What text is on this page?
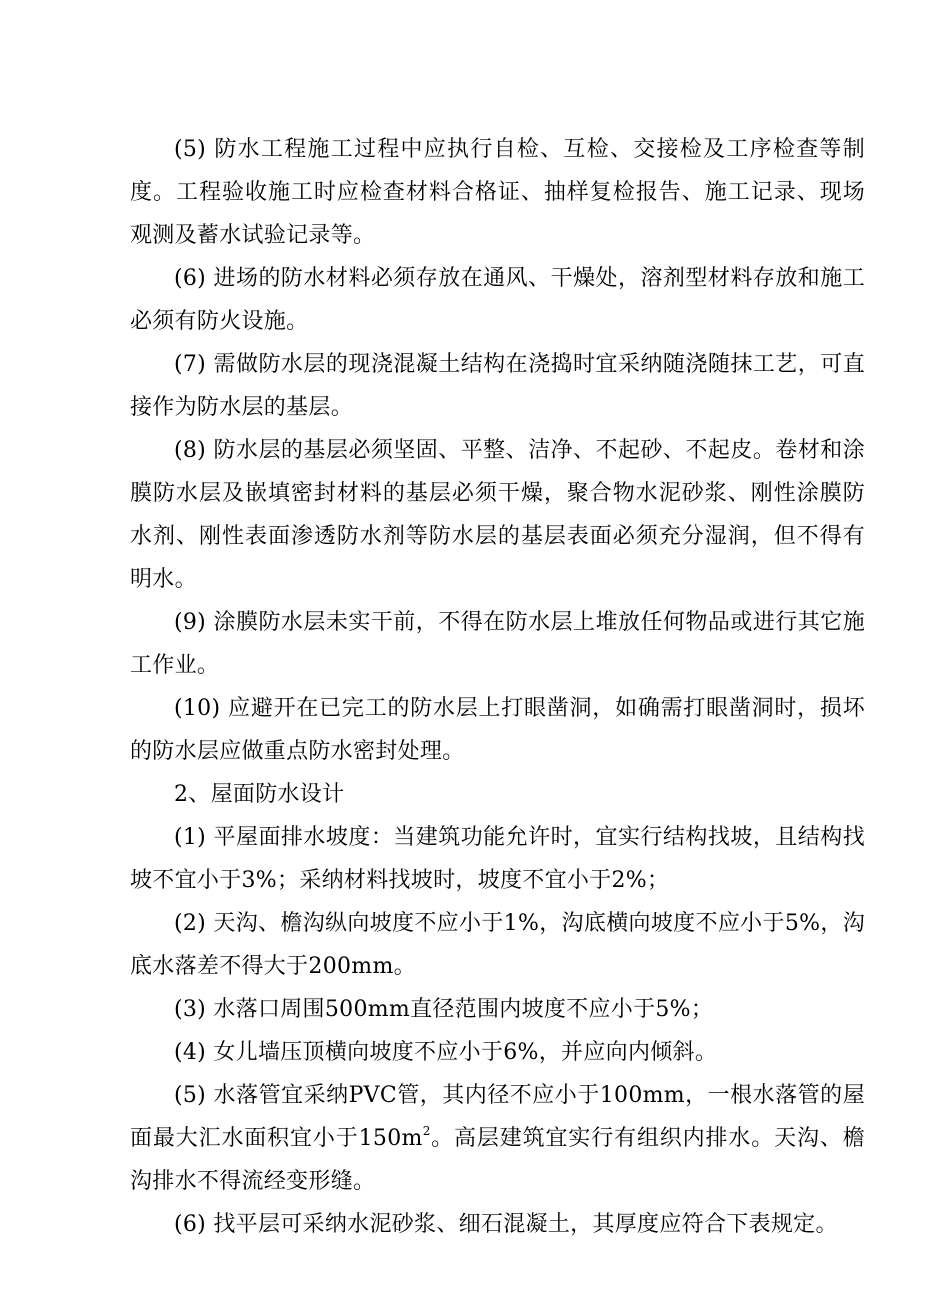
(5) 防水工程施工过程中应执行自检、互检、交接检及工序检查等制度。工程验收施工时应检查材料合格证、抽样复检报告、施工记录、现场观测及蓄水试验记录等。

(6) 进场的防水材料必须存放在通风、干燥处，溶剂型材料存放和施工必须有防火设施。

(7) 需做防水层的现浇混凝土结构在浇捣时宜采纳随浇随抹工艺，可直接作为防水层的基层。

(8) 防水层的基层必须坚固、平整、洁净、不起砂、不起皮。卷材和涂膜防水层及嵌填密封材料的基层必须干燥，聚合物水泥砂浆、刚性涂膜防水剂、刚性表面渗透防水剂等防水层的基层表面必须充分湿润，但不得有明水。

(9) 涂膜防水层未实干前，不得在防水层上堆放任何物品或进行其它施工作业。

(10) 应避开在已完工的防水层上打眼凿洞，如确需打眼凿洞时，损坏的防水层应做重点防水密封处理。

2、屋面防水设计

(1) 平屋面排水坡度：当建筑功能允许时，宜实行结构找坡，且结构找坡不宜小于3%；采纳材料找坡时，坡度不宜小于2%；

(2) 天沟、檐沟纵向坡度不应小于1%，沟底横向坡度不应小于5%，沟底水落差不得大于200mm。

(3) 水落口周围500mm直径范围内坡度不应小于5%；

(4) 女儿墙压顶横向坡度不应小于6%，并应向内倾斜。

(5) 水落管宜采纳PVC管，其内径不应小于100mm，一根水落管的屋面最大汇水面积宜小于$150m^2$。高层建筑宜实行有组织内排水。天沟、檐沟排水不得流经变形缝。

(6) 找平层可采纳水泥砂浆、细石混凝土，其厚度应符合下表规定。
